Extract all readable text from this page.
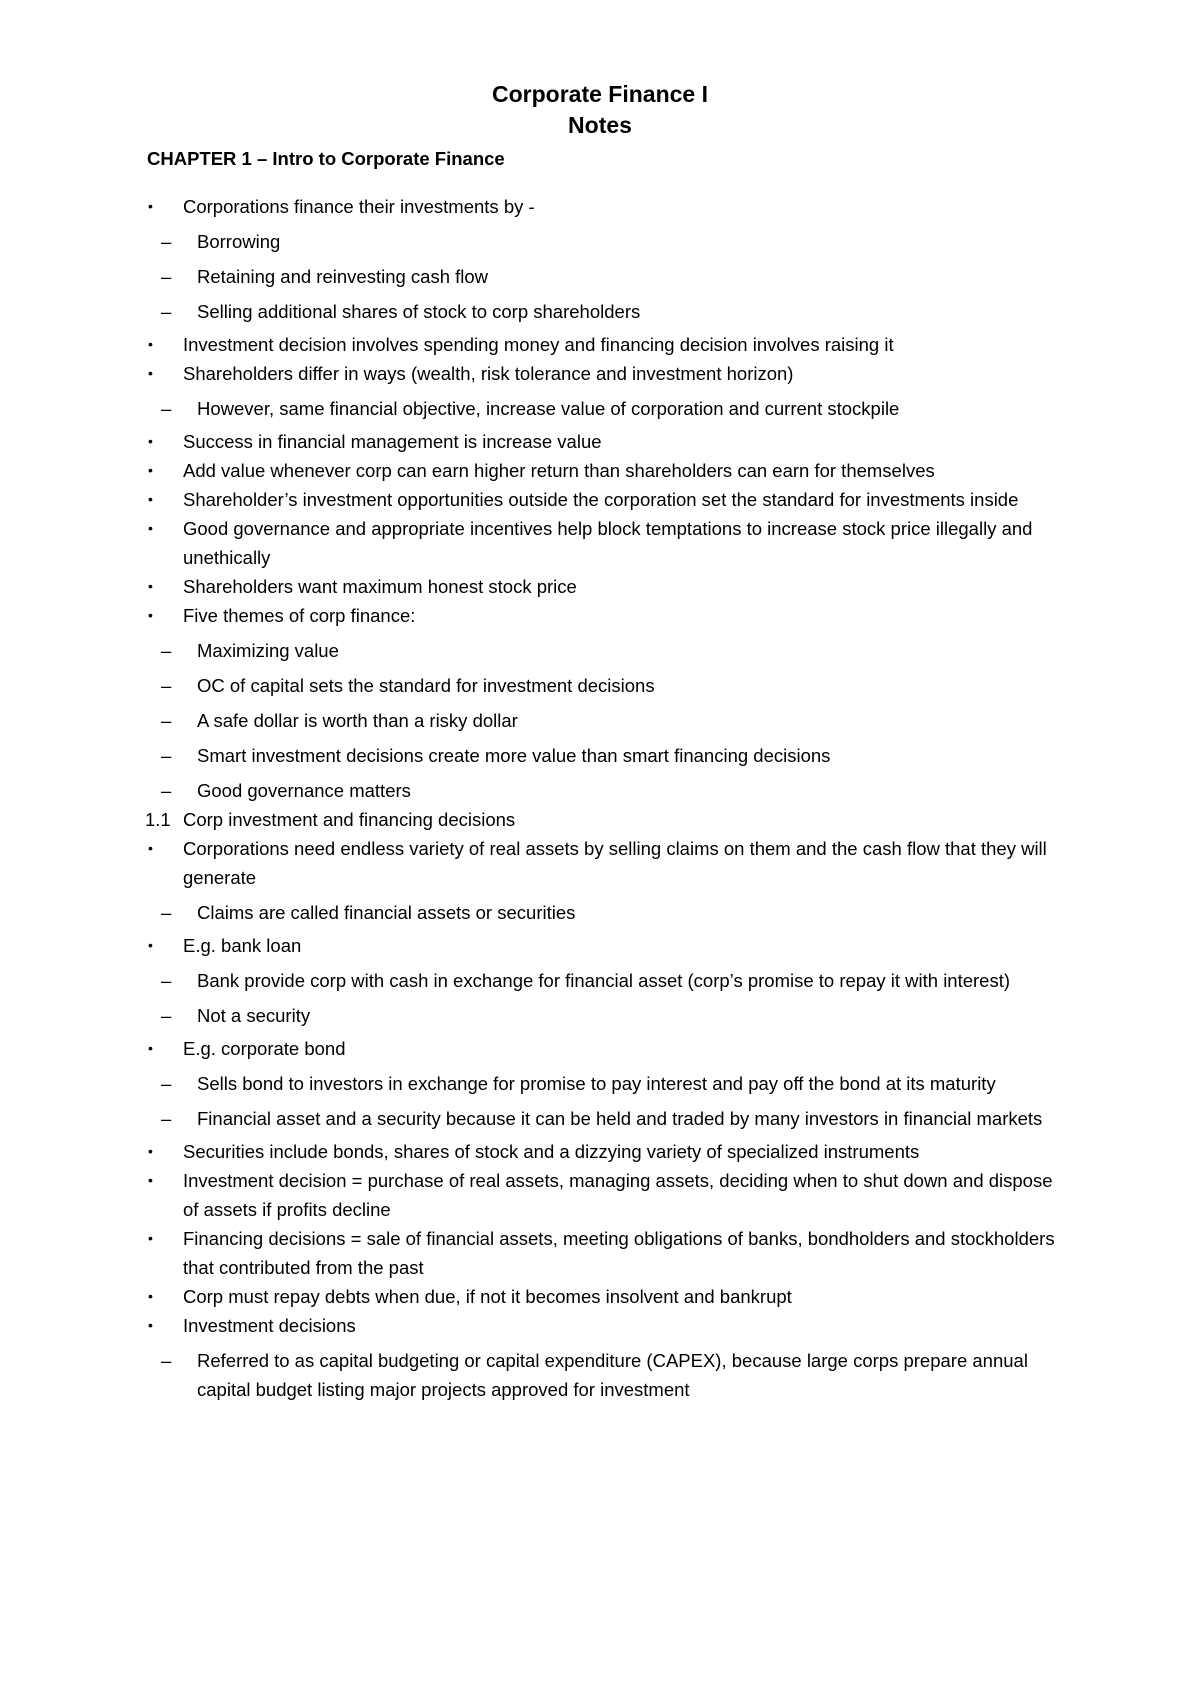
Corporate Finance I
Notes
CHAPTER 1 – Intro to Corporate Finance
• Corporations finance their investments by -
– Borrowing
– Retaining and reinvesting cash flow
– Selling additional shares of stock to corp shareholders
• Investment decision involves spending money and financing decision involves raising it
• Shareholders differ in ways (wealth, risk tolerance and investment horizon)
– However, same financial objective, increase value of corporation and current stockpile
• Success in financial management is increase value
• Add value whenever corp can earn higher return than shareholders can earn for themselves
• Shareholder’s investment opportunities outside the corporation set the standard for investments inside
• Good governance and appropriate incentives help block temptations to increase stock price illegally and unethically
• Shareholders want maximum honest stock price
• Five themes of corp finance:
– Maximizing value
– OC of capital sets the standard for investment decisions
– A safe dollar is worth than a risky dollar
– Smart investment decisions create more value than smart financing decisions
– Good governance matters
1.1 Corp investment and financing decisions
• Corporations need endless variety of real assets by selling claims on them and the cash flow that they will generate
– Claims are called financial assets or securities
• E.g. bank loan
– Bank provide corp with cash in exchange for financial asset (corp’s promise to repay it with interest)
– Not a security
• E.g. corporate bond
– Sells bond to investors in exchange for promise to pay interest and pay off the bond at its maturity
– Financial asset and a security because it can be held and traded by many investors in financial markets
• Securities include bonds, shares of stock and a dizzying variety of specialized instruments
• Investment decision = purchase of real assets, managing assets, deciding when to shut down and dispose of assets if profits decline
• Financing decisions = sale of financial assets, meeting obligations of banks, bondholders and stockholders that contributed from the past
• Corp must repay debts when due, if not it becomes insolvent and bankrupt
• Investment decisions
– Referred to as capital budgeting or capital expenditure (CAPEX), because large corps prepare annual capital budget listing major projects approved for investment
